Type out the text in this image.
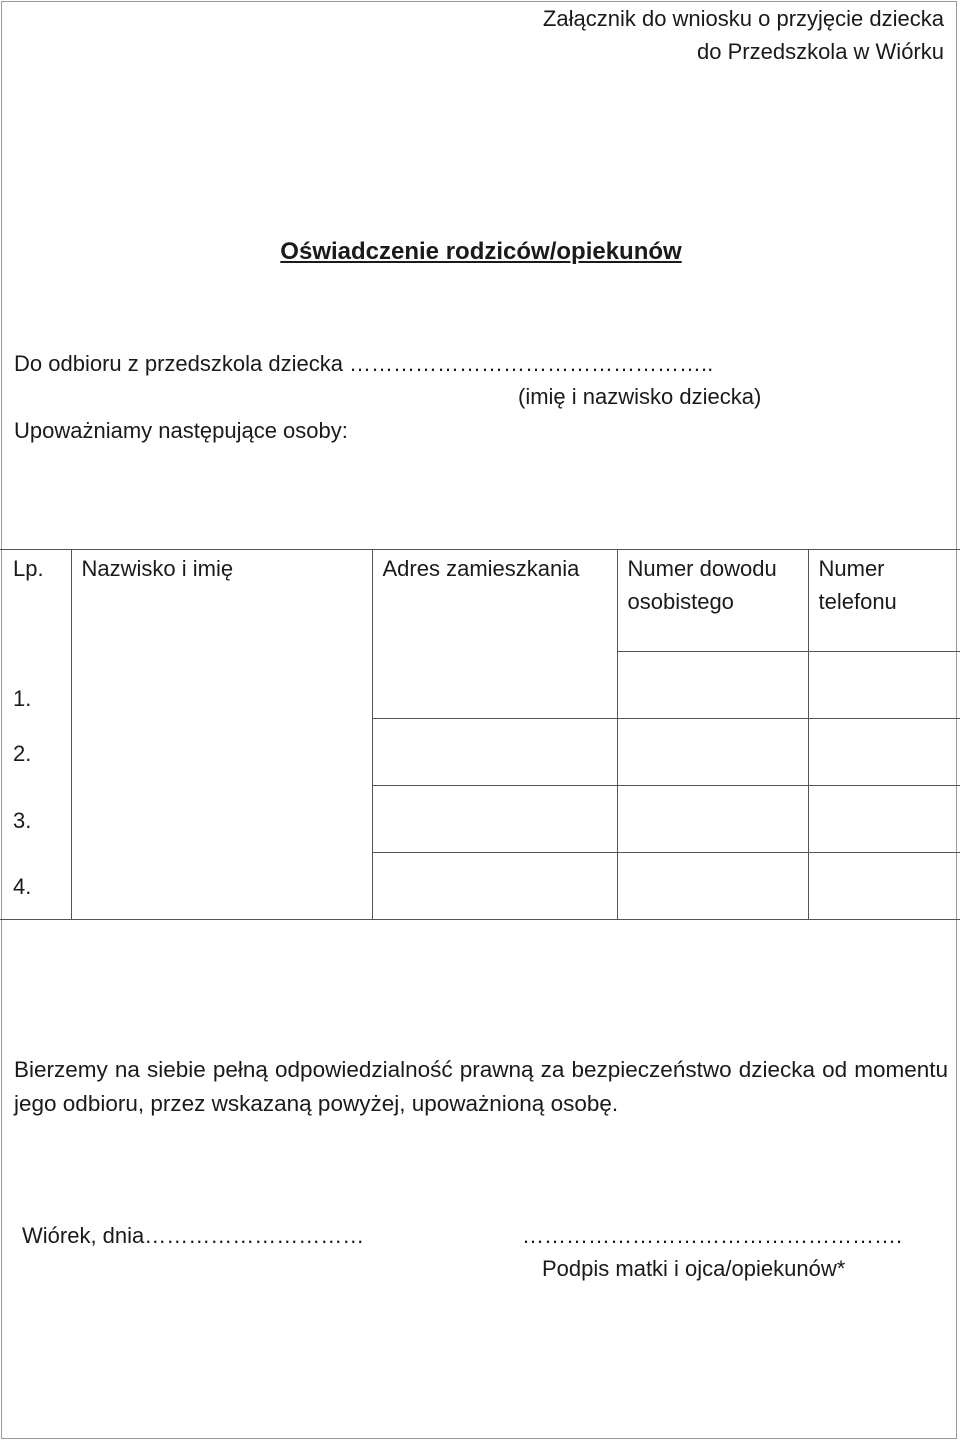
Załącznik do wniosku o przyjęcie dziecka
do Przedszkola w Wiórku
Oświadczenie rodziców/opiekunów
Do odbioru z przedszkola dziecka …………………………………………..
(imię i nazwisko dziecka)
Upoważniamy następujące osoby:
Lp.	Nazwisko i imię	Adres zamieszkania	Numer dowodu osobistego	Numer telefonu
1.				
2.				
3.				
4.				
Bierzemy na siebie pełną odpowiedzialność prawną za bezpieczeństwo dziecka od momentu jego odbioru, przez wskazaną powyżej, upoważnioną osobę.
Wiórek, dnia…………………………	…………………………………………….
Podpis matki i ojca/opiekunów*
